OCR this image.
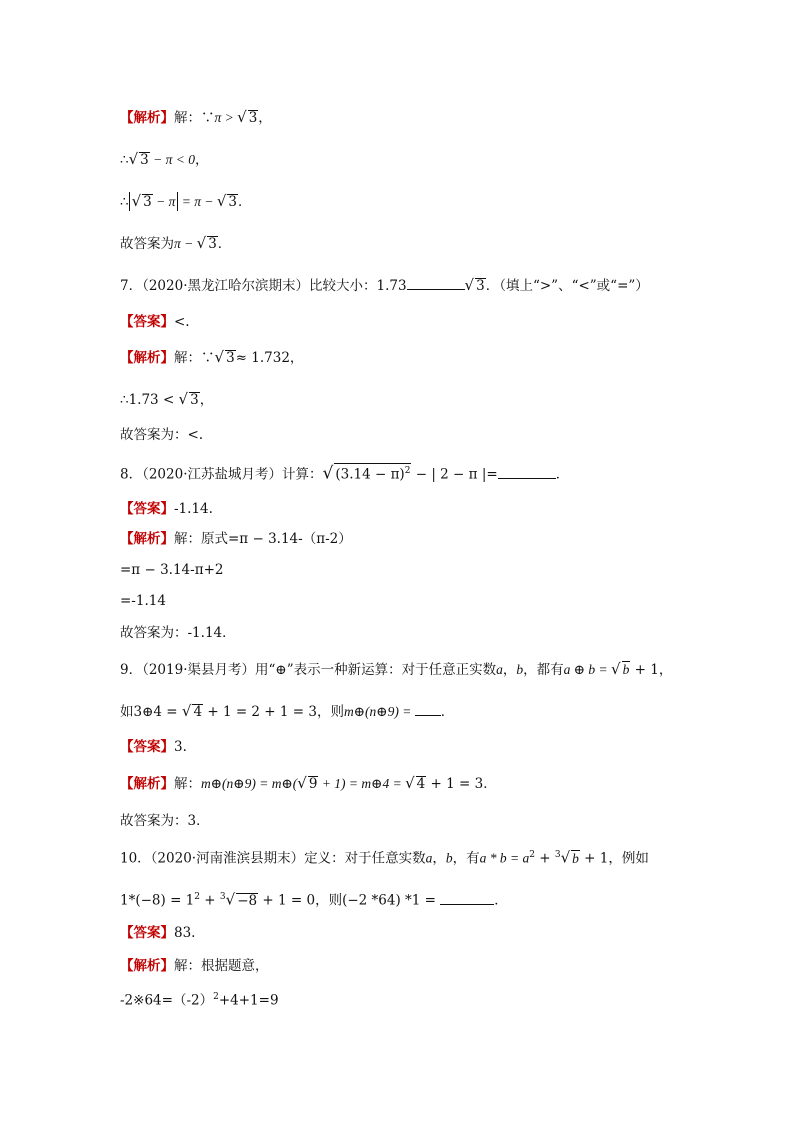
【解析】解：∵π > √ 3，
∴√ 3 − π < 0，
∴ √ 3 − π = π − √ 3．
故答案为π − √ 3．
7．（2020·黑龙江哈尔滨期末）比较大小：1.73	√ 3．（填上“>”、“<”或“=”）
【答案】<.
【解析】解：∵√ 3≈ 1.732，
∴1.73 < √ 3，
故答案为：<.
8．（2020·江苏盐城月考）计算：√ $(3.14 - \pi)^2$ − | 2 − π |=	．
【答案】-1.14.
【解析】解：原式=π − 3.14-（π-2）
=π − 3.14-π+2
=-1.14
故答案为：-1.14．
9．（2019·渠县月考）用“⊕”表示一种新运算：对于任意正实数a，b，都有a ⊕ b = √ b + 1，
如3⊕4 = √ 4 + 1 = 2 + 1 = 3，则m⊕(n⊕9) = ．
【答案】3.
【解析】解：m⊕(n⊕9) = m⊕(√ 9 + 1) = m⊕4 = √ 4 + 1 = 3．
故答案为：3．
10．（2020·河南淮滨县期末）定义：对于任意实数a，b，有$a * b = a^2 + ^3√$ b + 1，例如
$1*(-8) = 1^2 + ^3√ -8 + 1 = 0$，则(−2 *64) *1 =	．
【答案】83.
【解析】解：根据题意，
$-2※64=(-2)^2+4+1=9$
